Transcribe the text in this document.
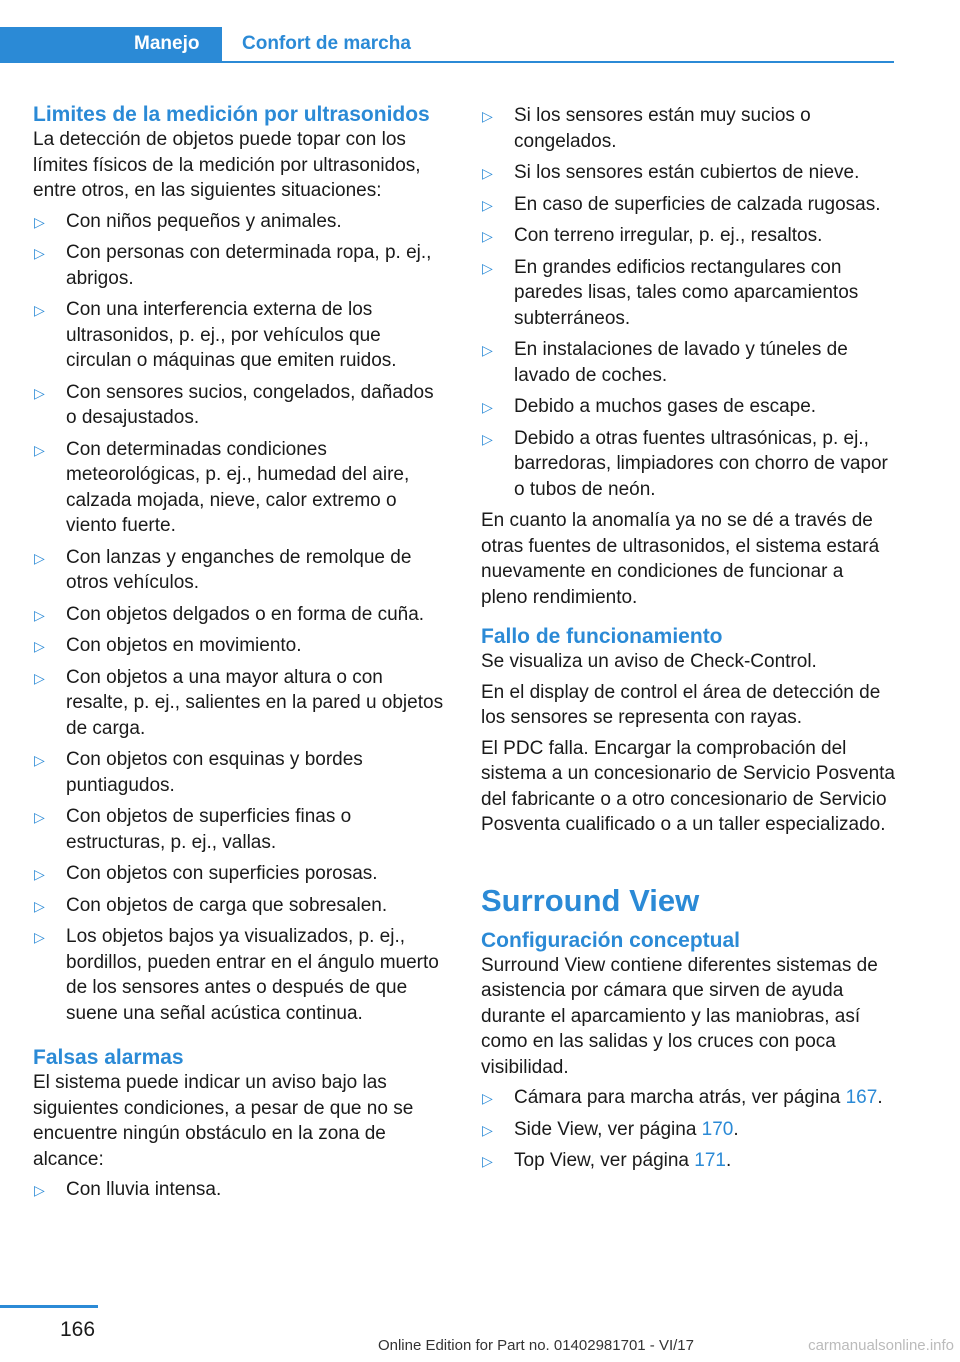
Manejo	Confort de marcha
Limites de la medición por ultrasonidos

La detección de objetos puede topar con los límites físicos de la medición por ultrasonidos, entre otros, en las siguientes situaciones:

▷ Con niños pequeños y animales.
▷ Con personas con determinada ropa, p. ej., abrigos.
▷ Con una interferencia externa de los ultrasonidos, p. ej., por vehículos que circulan o máquinas que emiten ruidos.
▷ Con sensores sucios, congelados, dañados o desajustados.
▷ Con determinadas condiciones meteorológicas, p. ej., humedad del aire, calzada mojada, nieve, calor extremo o viento fuerte.
▷ Con lanzas y enganches de remolque de otros vehículos.
▷ Con objetos delgados o en forma de cuña.
▷ Con objetos en movimiento.
▷ Con objetos a una mayor altura o con resalte, p. ej., salientes en la pared u objetos de carga.
▷ Con objetos con esquinas y bordes puntiagudos.
▷ Con objetos de superficies finas o estructuras, p. ej., vallas.
▷ Con objetos con superficies porosas.
▷ Con objetos de carga que sobresalen.
▷ Los objetos bajos ya visualizados, p. ej., bordillos, pueden entrar en el ángulo muerto de los sensores antes o después de que suene una señal acústica continua.
Falsas alarmas

El sistema puede indicar un aviso bajo las siguientes condiciones, a pesar de que no se encuentre ningún obstáculo en la zona de alcance:

▷ Con lluvia intensa.
▷ Si los sensores están muy sucios o congelados.
▷ Si los sensores están cubiertos de nieve.
▷ En caso de superficies de calzada rugosas.
▷ Con terreno irregular, p. ej., resaltos.
▷ En grandes edificios rectangulares con paredes lisas, tales como aparcamientos subterráneos.
▷ En instalaciones de lavado y túneles de lavado de coches.
▷ Debido a muchos gases de escape.
▷ Debido a otras fuentes ultrasónicas, p. ej., barredoras, limpiadores con chorro de vapor o tubos de neón.

En cuanto la anomalía ya no se dé a través de otras fuentes de ultrasonidos, el sistema estará nuevamente en condiciones de funcionar a pleno rendimiento.

Fallo de funcionamiento

Se visualiza un aviso de Check-Control.

En el display de control el área de detección de los sensores se representa con rayas.

El PDC falla. Encargar la comprobación del sistema a un concesionario de Servicio Posventa del fabricante o a otro concesionario de Servicio Posventa cualificado o a un taller especializado.

Surround View
Configuración conceptual

Surround View contiene diferentes sistemas de asistencia por cámara que sirven de ayuda durante el aparcamiento y las maniobras, así como en las salidas y los cruces con poca visibilidad.

▷ Cámara para marcha atrás, ver página 167.
▷ Side View, ver página 170.
▷ Top View, ver página 171.
166
Online Edition for Part no. 01402981701 - VI/17	carmanualsonline.info
